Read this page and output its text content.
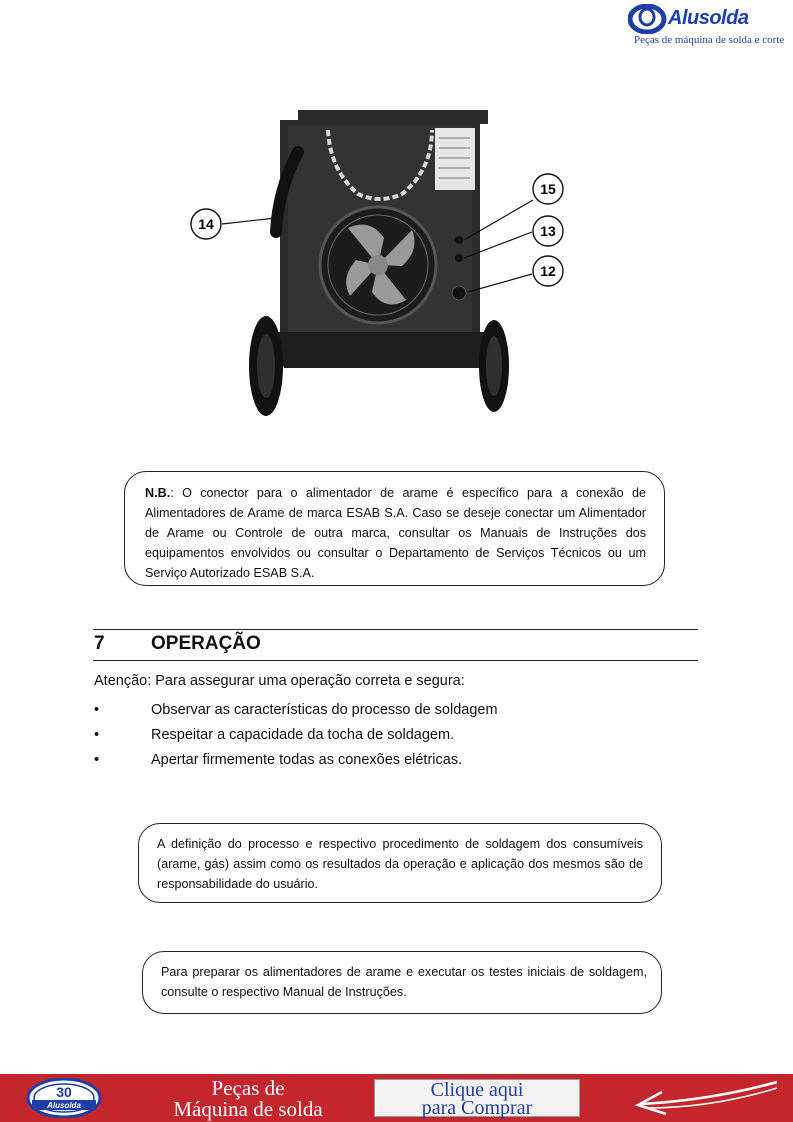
Alusolda
Peças de máquina de solda e corte
15
13
14
12
N.B.: O conector para o alimentador de arame é específico para a conexão de Alimentadores de Arame de marca ESAB S.A. Caso se deseje conectar um Alimentador de Arame ou Controle de outra marca, consultar os Manuais de Instruções dos equipamentos envolvidos ou consultar o Departamento de Serviços Técnicos ou um Serviço Autorizado ESAB S.A.
7 OPERAÇÃO
Atenção: Para assegurar uma operação correta e segura:
•	Observar as características do processo de soldagem
•	Respeitar a capacidade da tocha de soldagem.
•	Apertar firmemente todas as conexões elétricas.
A definição do processo e respectivo procedimento de soldagem dos consumíveis (arame, gás) assim como os resultados da operação e aplicação dos mesmos são de responsabilidade do usuário.
Para preparar os alimentadores de arame e executar os testes iniciais de soldagem, consulte o respectivo Manual de Instruções.
30
Alusolda
Peças de
Máquina de solda
Clique aqui
para Comprar
